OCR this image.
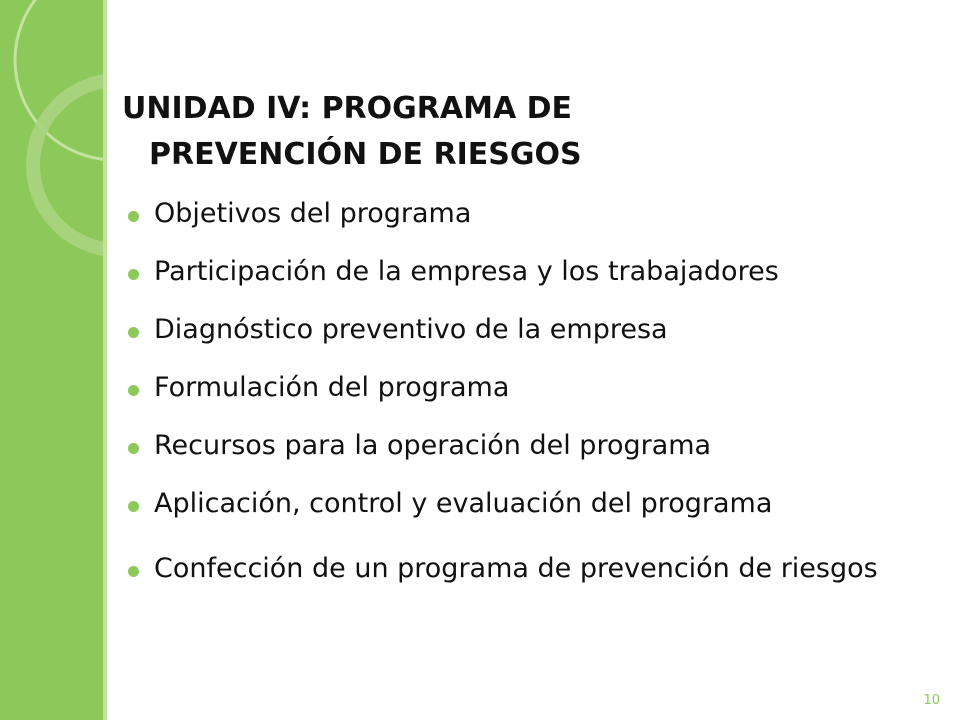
UNIDAD IV: PROGRAMA DE
PREVENCIÓN DE RIESGOS
Objetivos del programa
Participación de la empresa y los trabajadores
Diagnóstico preventivo de la empresa
Formulación del programa
Recursos para la operación del programa
Aplicación, control y evaluación del programa
Confección de un programa de prevención de riesgos
10
